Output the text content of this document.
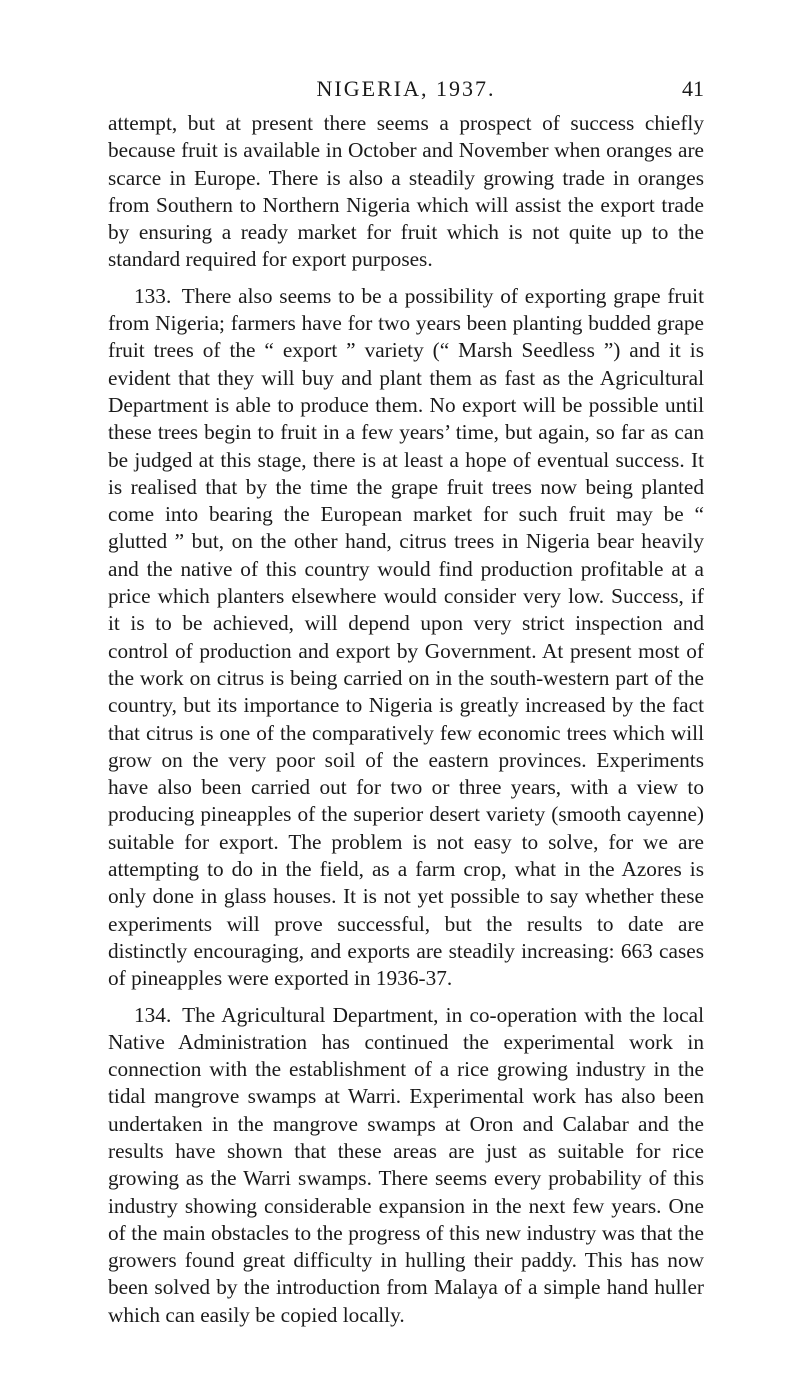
NIGERIA, 1937.	41

attempt, but at present there seems a prospect of success chiefly because fruit is available in October and November when oranges are scarce in Europe. There is also a steadily growing trade in oranges from Southern to Northern Nigeria which will assist the export trade by ensuring a ready market for fruit which is not quite up to the standard required for export purposes.

133. There also seems to be a possibility of exporting grape fruit from Nigeria; farmers have for two years been planting budded grape fruit trees of the “ export ” variety (“ Marsh Seedless ”) and it is evident that they will buy and plant them as fast as the Agricultural Department is able to produce them. No export will be possible until these trees begin to fruit in a few years’ time, but again, so far as can be judged at this stage, there is at least a hope of eventual success. It is realised that by the time the grape fruit trees now being planted come into bearing the European market for such fruit may be “ glutted ” but, on the other hand, citrus trees in Nigeria bear heavily and the native of this country would find production profitable at a price which planters elsewhere would consider very low. Success, if it is to be achieved, will depend upon very strict inspection and control of production and export by Government. At present most of the work on citrus is being carried on in the south-western part of the country, but its importance to Nigeria is greatly increased by the fact that citrus is one of the comparatively few economic trees which will grow on the very poor soil of the eastern provinces. Experiments have also been carried out for two or three years, with a view to producing pineapples of the superior desert variety (smooth cayenne) suitable for export. The problem is not easy to solve, for we are attempting to do in the field, as a farm crop, what in the Azores is only done in glass houses. It is not yet possible to say whether these experiments will prove successful, but the results to date are distinctly encouraging, and exports are steadily increasing: 663 cases of pineapples were exported in 1936-37.

134. The Agricultural Department, in co-operation with the local Native Administration has continued the experimental work in connection with the establishment of a rice growing industry in the tidal mangrove swamps at Warri. Experimental work has also been undertaken in the mangrove swamps at Oron and Calabar and the results have shown that these areas are just as suitable for rice growing as the Warri swamps. There seems every probability of this industry showing considerable expansion in the next few years. One of the main obstacles to the progress of this new industry was that the growers found great difficulty in hulling their paddy. This has now been solved by the introduction from Malaya of a simple hand huller which can easily be copied locally.
